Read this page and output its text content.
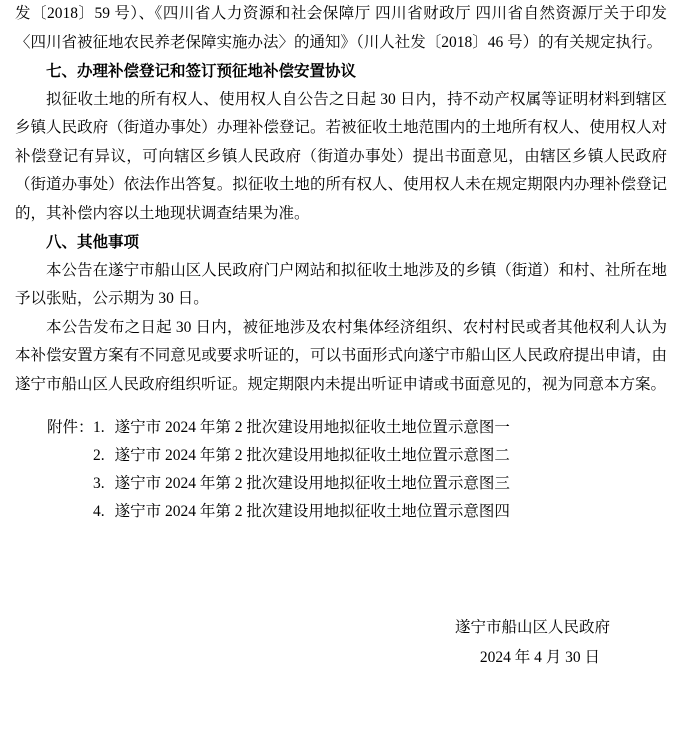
发〔2018〕59 号）、《四川省人力资源和社会保障厅 四川省财政厅 四川省自然资源厅关于印发〈四川省被征地农民养老保障实施办法〉的通知》（川人社发〔2018〕46 号）的有关规定执行。

七、办理补偿登记和签订预征地补偿安置协议

拟征收土地的所有权人、使用权人自公告之日起 30 日内，持不动产权属等证明材料到辖区乡镇人民政府（街道办事处）办理补偿登记。若被征收土地范围内的土地所有权人、使用权人对补偿登记有异议，可向辖区乡镇人民政府（街道办事处）提出书面意见，由辖区乡镇人民政府（街道办事处）依法作出答复。拟征收土地的所有权人、使用权人未在规定期限内办理补偿登记的，其补偿内容以土地现状调查结果为准。

八、其他事项

本公告在遂宁市船山区人民政府门户网站和拟征收土地涉及的乡镇（街道）和村、社所在地予以张贴，公示期为 30 日。

本公告发布之日起 30 日内，被征地涉及农村集体经济组织、农村村民或者其他权利人认为本补偿安置方案有不同意见或要求听证的，可以书面形式向遂宁市船山区人民政府提出申请，由遂宁市船山区人民政府组织听证。规定期限内未提出听证申请或书面意见的，视为同意本方案。

附件： 1. 遂宁市 2024 年第 2 批次建设用地拟征收土地位置示意图一
2. 遂宁市 2024 年第 2 批次建设用地拟征收土地位置示意图二
3. 遂宁市 2024 年第 2 批次建设用地拟征收土地位置示意图三
4. 遂宁市 2024 年第 2 批次建设用地拟征收土地位置示意图四
遂宁市船山区人民政府
2024 年 4 月 30 日
